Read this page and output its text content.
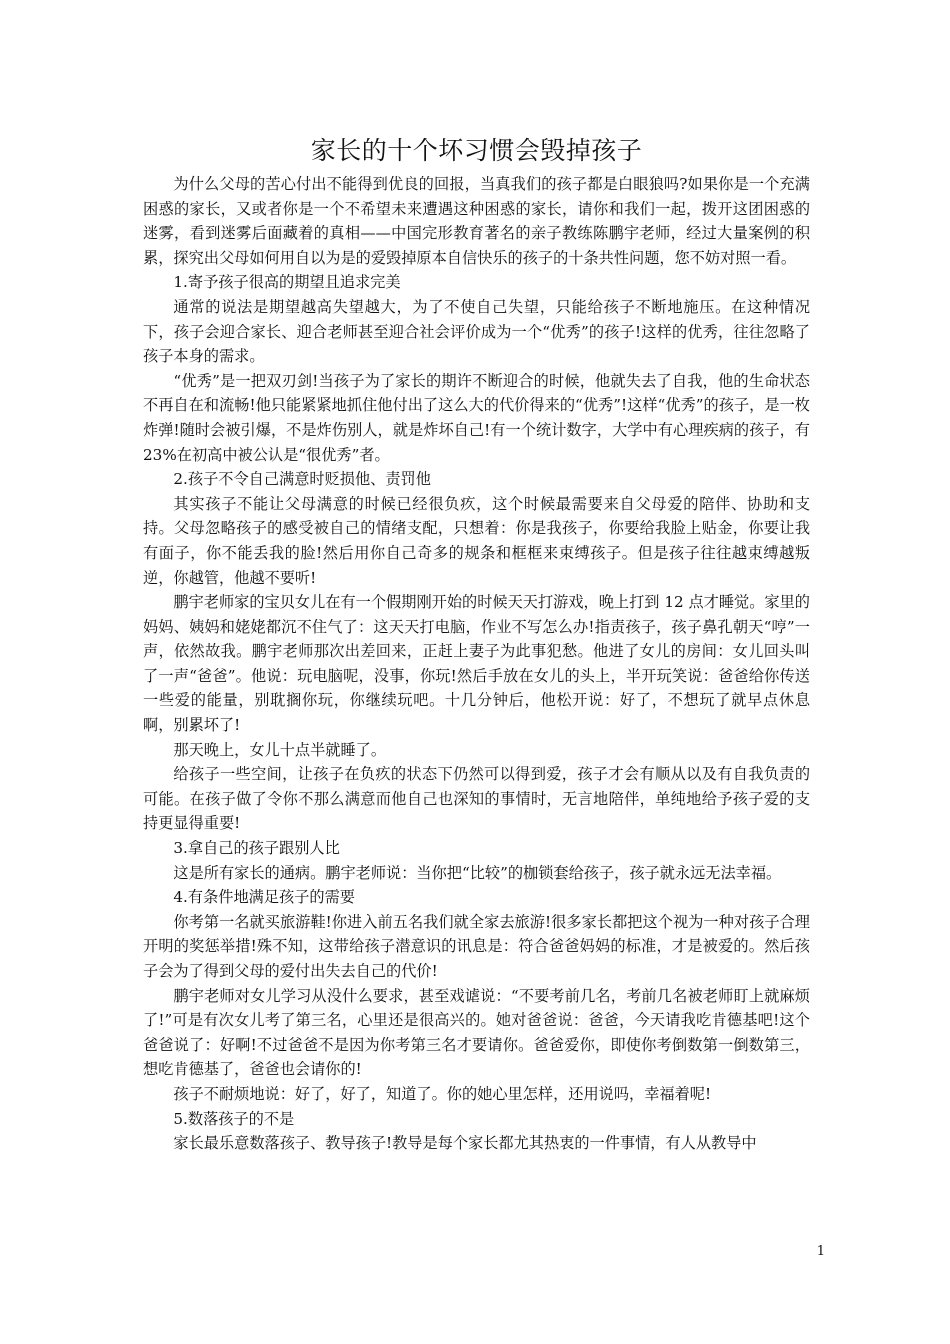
家长的十个坏习惯会毁掉孩子

为什么父母的苦心付出不能得到优良的回报，当真我们的孩子都是白眼狼吗?如果你是一个充满困惑的家长，又或者你是一个不希望未来遭遇这种困惑的家长，请你和我们一起，拨开这团困惑的迷雾，看到迷雾后面藏着的真相——中国完形教育著名的亲子教练陈鹏宇老师，经过大量案例的积累，探究出父母如何用自以为是的爱毁掉原本自信快乐的孩子的十条共性问题，您不妨对照一看。

1.寄予孩子很高的期望且追求完美

通常的说法是期望越高失望越大，为了不使自己失望，只能给孩子不断地施压。在这种情况下，孩子会迎合家长、迎合老师甚至迎合社会评价成为一个“优秀”的孩子!这样的优秀，往往忽略了孩子本身的需求。

“优秀”是一把双刃剑!当孩子为了家长的期许不断迎合的时候，他就失去了自我，他的生命状态不再自在和流畅!他只能紧紧地抓住他付出了这么大的代价得来的“优秀”!这样“优秀”的孩子，是一枚炸弹!随时会被引爆，不是炸伤别人，就是炸坏自己!有一个统计数字，大学中有心理疾病的孩子，有23%在初高中被公认是“很优秀”者。

2.孩子不令自己满意时贬损他、责罚他

其实孩子不能让父母满意的时候已经很负疚，这个时候最需要来自父母爱的陪伴、协助和支持。父母忽略孩子的感受被自己的情绪支配，只想着：你是我孩子，你要给我脸上贴金，你要让我有面子，你不能丢我的脸!然后用你自己奇多的规条和框框来束缚孩子。但是孩子往往越束缚越叛逆，你越管，他越不要听!

鹏宇老师家的宝贝女儿在有一个假期刚开始的时候天天打游戏，晚上打到 12 点才睡觉。家里的妈妈、姨妈和姥姥都沉不住气了：这天天打电脑，作业不写怎么办!指责孩子，孩子鼻孔朝天“哼”一声，依然故我。鹏宇老师那次出差回来，正赶上妻子为此事犯愁。他进了女儿的房间：女儿回头叫了一声“爸爸”。他说：玩电脑呢，没事，你玩!然后手放在女儿的头上，半开玩笑说：爸爸给你传送一些爱的能量，别耽搁你玩，你继续玩吧。十几分钟后，他松开说：好了，不想玩了就早点休息啊，别累坏了!

那天晚上，女儿十点半就睡了。

给孩子一些空间，让孩子在负疚的状态下仍然可以得到爱，孩子才会有顺从以及有自我负责的可能。在孩子做了令你不那么满意而他自己也深知的事情时，无言地陪伴，单纯地给予孩子爱的支持更显得重要!

3.拿自己的孩子跟别人比

这是所有家长的通病。鹏宇老师说：当你把“比较”的枷锁套给孩子，孩子就永远无法幸福。

4.有条件地满足孩子的需要

你考第一名就买旅游鞋!你进入前五名我们就全家去旅游!很多家长都把这个视为一种对孩子合理开明的奖惩举措!殊不知，这带给孩子潜意识的讯息是：符合爸爸妈妈的标准，才是被爱的。然后孩子会为了得到父母的爱付出失去自己的代价!

鹏宇老师对女儿学习从没什么要求，甚至戏谑说：“不要考前几名，考前几名被老师盯上就麻烦了!”可是有次女儿考了第三名，心里还是很高兴的。她对爸爸说：爸爸，今天请我吃肯德基吧!这个爸爸说了：好啊!不过爸爸不是因为你考第三名才要请你。爸爸爱你，即使你考倒数第一倒数第三，想吃肯德基了，爸爸也会请你的!

孩子不耐烦地说：好了，好了，知道了。你的她心里怎样，还用说吗，幸福着呢!

5.数落孩子的不是

家长最乐意数落孩子、教导孩子!教导是每个家长都尤其热衷的一件事情，有人从教导中

1
